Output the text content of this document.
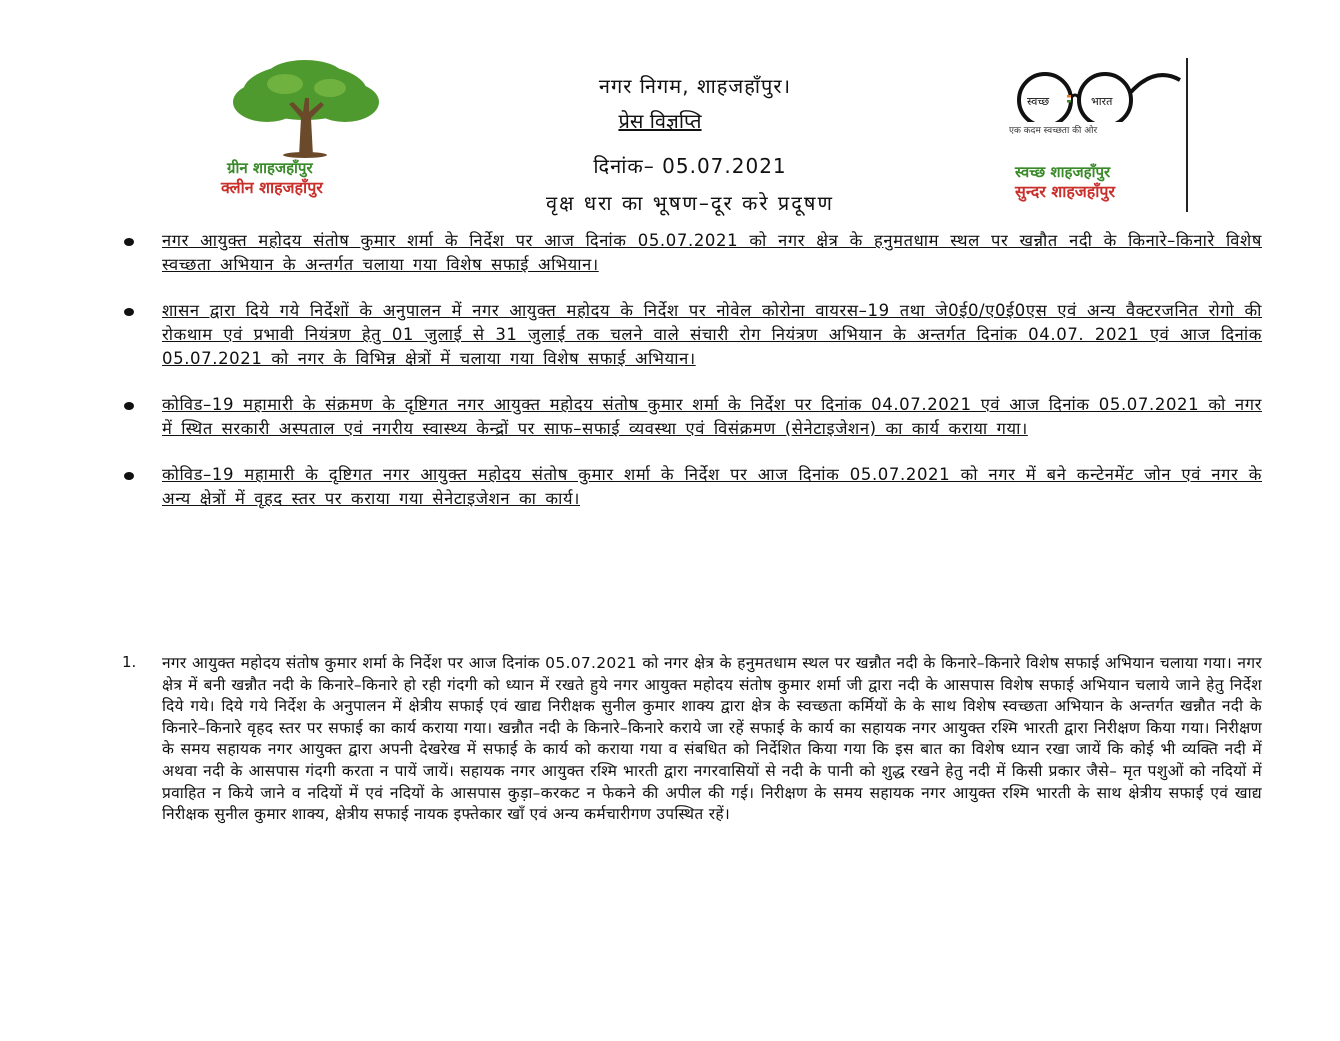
ग्रीन शाहजहाँपुर
क्लीन शाहजहाँपुर
नगर निगम, शाहजहाँपुर।
प्रेस विज्ञप्ति
दिनांक– 05.07.2021
वृक्ष धरा का भूषण–दूर करे प्रदूषण
स्वच्छ	भारत
एक कदम स्वच्छता की ओर
स्वच्छ शाहजहाँपुर
सुन्दर शाहजहाँपुर
नगर आयुक्त महोदय संतोष कुमार शर्मा के निर्देश पर आज दिनांक 05.07.2021 को नगर क्षेत्र के हनुमतधाम स्थल पर खन्नौत नदी के किनारे–किनारे विशेष स्वच्छता अभियान के अन्तर्गत चलाया गया विशेष सफाई अभियान।
शासन द्वारा दिये गये निर्देशों के अनुपालन में नगर आयुक्त महोदय के निर्देश पर नोवेल कोरोना वायरस–19 तथा जे0ई0/ए0ई0एस एवं अन्य वैक्टरजनित रोगो की रोकथाम एवं प्रभावी नियंत्रण हेतु 01 जुलाई से 31 जुलाई तक चलने वाले संचारी रोग नियंत्रण अभियान के अन्तर्गत दिनांक 04.07. 2021 एवं आज दिनांक 05.07.2021 को नगर के विभिन्न क्षेत्रों में चलाया गया विशेष सफाई अभियान।
कोविड–19 महामारी के संक्रमण के दृष्टिगत नगर आयुक्त महोदय संतोष कुमार शर्मा के निर्देश पर दिनांक 04.07.2021 एवं आज दिनांक 05.07.2021 को नगर में स्थित सरकारी अस्पताल एवं नगरीय स्वास्थ्य केन्द्रों पर साफ–सफाई व्यवस्था एवं विसंक्रमण (सेनेटाइजेशन) का कार्य कराया गया।
कोविड–19 महामारी के दृष्टिगत नगर आयुक्त महोदय संतोष कुमार शर्मा के निर्देश पर आज दिनांक 05.07.2021 को नगर में बने कन्टेनमेंट जोन एवं नगर के अन्य क्षेत्रों में वृहद स्तर पर कराया गया सेनेटाइजेशन का कार्य।
1. नगर आयुक्त महोदय संतोष कुमार शर्मा के निर्देश पर आज दिनांक 05.07.2021 को नगर क्षेत्र के हनुमतधाम स्थल पर खन्नौत नदी के किनारे–किनारे विशेष सफाई अभियान चलाया गया। नगर क्षेत्र में बनी खन्नौत नदी के किनारे–किनारे हो रही गंदगी को ध्यान में रखते हुये नगर आयुक्त महोदय संतोष कुमार शर्मा जी द्वारा नदी के आसपास विशेष सफाई अभियान चलाये जाने हेतु निर्देश दिये गये। दिये गये निर्देश के अनुपालन में क्षेत्रीय सफाई एवं खाद्य निरीक्षक सुनील कुमार शाक्य द्वारा क्षेत्र के स्वच्छता कर्मियों के के साथ विशेष स्वच्छता अभियान के अन्तर्गत खन्नौत नदी के किनारे–किनारे वृहद स्तर पर सफाई का कार्य कराया गया। खन्नौत नदी के किनारे–किनारे कराये जा रहें सफाई के कार्य का सहायक नगर आयुक्त रश्मि भारती द्वारा निरीक्षण किया गया। निरीक्षण के समय सहायक नगर आयुक्त द्वारा अपनी देखरेख में सफाई के कार्य को कराया गया व संबधित को निर्देशित किया गया कि इस बात का विशेष ध्यान रखा जायें कि कोई भी व्यक्ति नदी में अथवा नदी के आसपास गंदगी करता न पायें जायें। सहायक नगर आयुक्त रश्मि भारती द्वारा नगरवासियों से नदी के पानी को शुद्ध रखने हेतु नदी में किसी प्रकार जैसे– मृत पशुओं को नदियों में प्रवाहित न किये जाने व नदियों में एवं नदियों के आसपास कुड़ा–करकट न फेकने की अपील की गई। निरीक्षण के समय सहायक नगर आयुक्त रश्मि भारती के साथ क्षेत्रीय सफाई एवं खाद्य निरीक्षक सुनील कुमार शाक्य, क्षेत्रीय सफाई नायक इफ्तेकार खाँ एवं अन्य कर्मचारीगण उपस्थित रहें।
